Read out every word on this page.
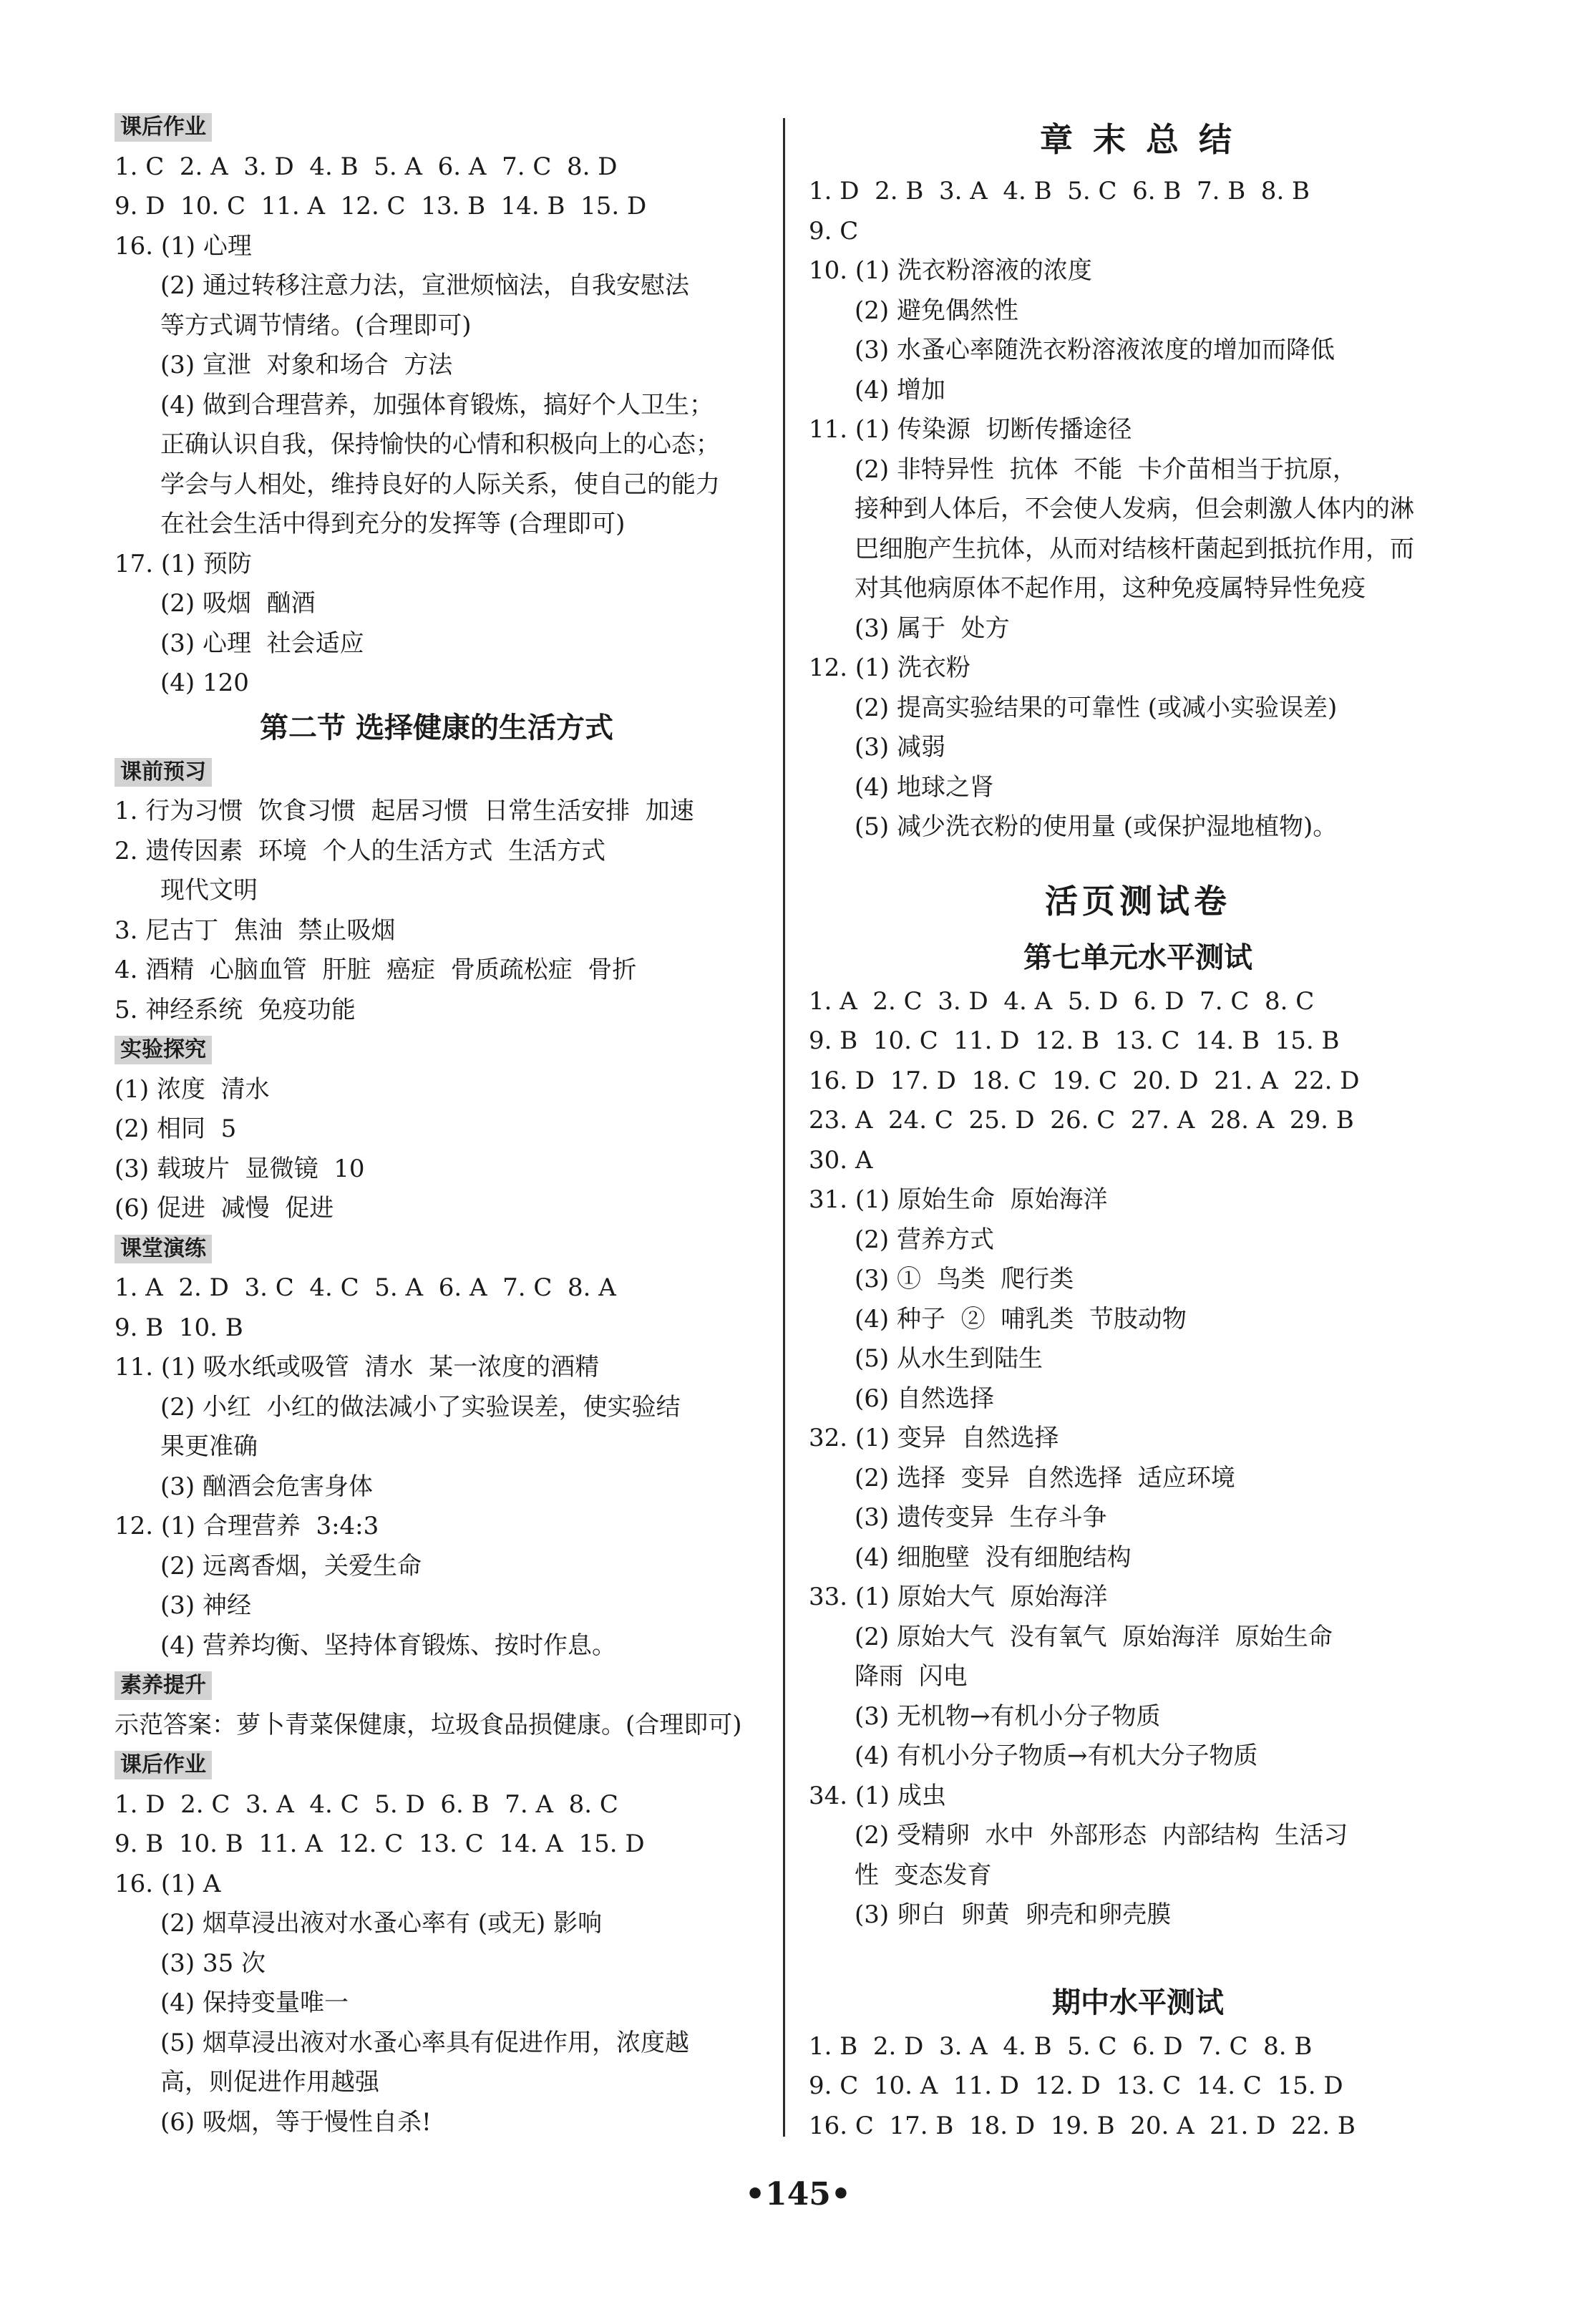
课后作业
1. C  2. A  3. D  4. B  5. A  6. A  7. C  8. D
9. D  10. C  11. A  12. C  13. B  14. B  15. D
16. (1) 心理
(2) 通过转移注意力法，宣泄烦恼法，自我安慰法
等方式调节情绪。(合理即可)
(3) 宣泄  对象和场合  方法
(4) 做到合理营养，加强体育锻炼，搞好个人卫生；
正确认识自我，保持愉快的心情和积极向上的心态；
学会与人相处，维持良好的人际关系，使自己的能力
在社会生活中得到充分的发挥等 (合理即可)
17. (1) 预防
(2) 吸烟  酗酒
(3) 心理  社会适应
(4) 120
第二节 选择健康的生活方式
课前预习
1. 行为习惯  饮食习惯  起居习惯  日常生活安排  加速
2. 遗传因素  环境  个人的生活方式  生活方式
现代文明
3. 尼古丁  焦油  禁止吸烟
4. 酒精  心脑血管  肝脏  癌症  骨质疏松症  骨折
5. 神经系统  免疫功能
实验探究
(1) 浓度  清水
(2) 相同  5
(3) 载玻片  显微镜  10
(6) 促进  减慢  促进
课堂演练
1. A  2. D  3. C  4. C  5. A  6. A  7. C  8. A
9. B  10. B
11. (1) 吸水纸或吸管  清水  某一浓度的酒精
(2) 小红  小红的做法减小了实验误差，使实验结
果更准确
(3) 酗酒会危害身体
12. (1) 合理营养  3:4:3
(2) 远离香烟，关爱生命
(3) 神经
(4) 营养均衡、坚持体育锻炼、按时作息。
素养提升
示范答案：萝卜青菜保健康，垃圾食品损健康。(合理即可)
课后作业
1. D  2. C  3. A  4. C  5. D  6. B  7. A  8. C
9. B  10. B  11. A  12. C  13. C  14. A  15. D
16. (1) A
(2) 烟草浸出液对水蚤心率有 (或无) 影响
(3) 35 次
(4) 保持变量唯一
(5) 烟草浸出液对水蚤心率具有促进作用，浓度越
高，则促进作用越强
(6) 吸烟，等于慢性自杀!
章 末 总 结
1. D  2. B  3. A  4. B  5. C  6. B  7. B  8. B
9. C
10. (1) 洗衣粉溶液的浓度
(2) 避免偶然性
(3) 水蚤心率随洗衣粉溶液浓度的增加而降低
(4) 增加
11. (1) 传染源  切断传播途径
(2) 非特异性  抗体  不能  卡介苗相当于抗原，
接种到人体后，不会使人发病，但会刺激人体内的淋
巴细胞产生抗体，从而对结核杆菌起到抵抗作用，而
对其他病原体不起作用，这种免疫属特异性免疫
(3) 属于  处方
12. (1) 洗衣粉
(2) 提高实验结果的可靠性 (或减小实验误差)
(3) 减弱
(4) 地球之肾
(5) 减少洗衣粉的使用量 (或保护湿地植物)。
活页测试卷
第七单元水平测试
1. A  2. C  3. D  4. A  5. D  6. D  7. C  8. C
9. B  10. C  11. D  12. B  13. C  14. B  15. B
16. D  17. D  18. C  19. C  20. D  21. A  22. D
23. A  24. C  25. D  26. C  27. A  28. A  29. B
30. A
31. (1) 原始生命  原始海洋
(2) 营养方式
(3) ①  鸟类  爬行类
(4) 种子  ②  哺乳类  节肢动物
(5) 从水生到陆生
(6) 自然选择
32. (1) 变异  自然选择
(2) 选择  变异  自然选择  适应环境
(3) 遗传变异  生存斗争
(4) 细胞壁  没有细胞结构
33. (1) 原始大气  原始海洋
(2) 原始大气  没有氧气  原始海洋  原始生命
降雨  闪电
(3) 无机物→有机小分子物质
(4) 有机小分子物质→有机大分子物质
34. (1) 成虫
(2) 受精卵  水中  外部形态  内部结构  生活习
性  变态发育
(3) 卵白  卵黄  卵壳和卵壳膜
期中水平测试
1. B  2. D  3. A  4. B  5. C  6. D  7. C  8. B
9. C  10. A  11. D  12. D  13. C  14. C  15. D
16. C  17. B  18. D  19. B  20. A  21. D  22. B
•145•
